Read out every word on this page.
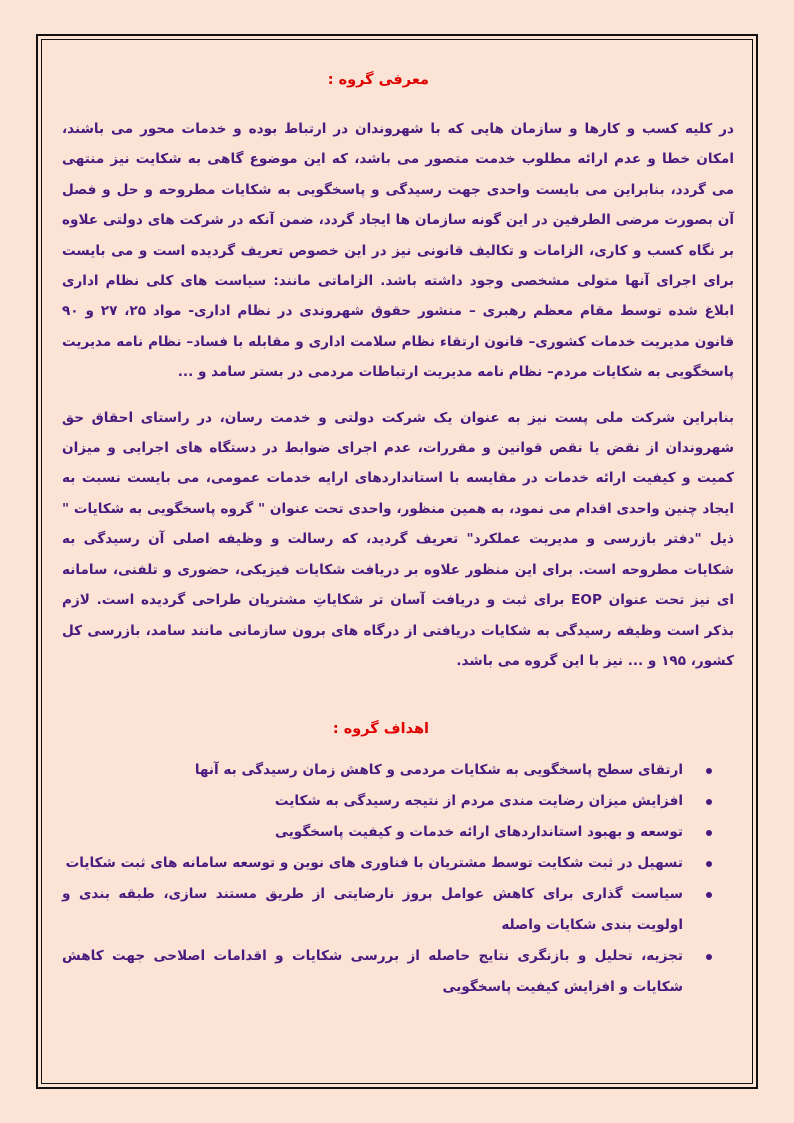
معرفی گروه :

در کلیه کسب و کارها و سازمان هایی که با شهروندان در ارتباط بوده و خدمات محور می باشند، امکان خطا و عدم ارائه مطلوب خدمت متصور می باشد، که این موضوع گاهی به شکایت نیز منتهی می گردد، بنابراین می بایست واحدی جهت رسیدگی و پاسخگویی به شکایات مطروحه و حل و فصل آن بصورت مرضی الطرفین در این گونه سازمان ها ایجاد گردد، ضمن آنکه در شرکت های دولتی علاوه بر نگاه کسب و کاری، الزامات و تکالیف قانونی نیز در این خصوص تعریف گردیده است و می بایست برای اجرای آنها متولی مشخصی وجود داشته باشد. الزاماتی مانند: سیاست های کلی نظام اداری ابلاغ شده توسط مقام معظم رهبری – منشور حقوق شهروندی در نظام اداری- مواد ۲۵، ۲۷ و ۹۰ قانون مدیریت خدمات کشوری– قانون ارتقاء نظام سلامت اداری و مقابله با فساد– نظام نامه مدیریت پاسخگویی به شکایات مردم– نظام نامه مدیریت ارتباطات مردمی در بستر سامد و ...

بنابراین شرکت ملی پست نیز به عنوان یک شرکت دولتی و خدمت رسان، در راستای احقاق حق شهروندان از نقض یا نقص قوانین و مقررات، عدم اجرای ضوابط در دستگاه های اجرایی و میزان کمیت و کیفیت ارائه خدمات در مقایسه با استانداردهای ارایه خدمات عمومی، می بایست نسبت به ایجاد چنین واحدی اقدام می نمود، به همین منظور، واحدی تحت عنوان " گروه پاسخگویی به شکایات " ذیل "دفتر بازرسی و مدیریت عملکرد" تعریف گردید، که رسالت و وظیفه اصلی آن رسیدگی به شکایات مطروحه است. برای این منظور علاوه بر دریافت شکایات فیزیکی، حضوری و تلفنی، سامانه ای نیز تحت عنوان EOP برای ثبت و دریافت آسان تر شکایاتِ مشتریان طراحی گردیده است. لازم بذکر است وظیفه رسیدگی به شکایات دریافتی از درگاه های برون سازمانی مانند سامد، بازرسی کل کشور، ۱۹۵ و ... نیز با این گروه می باشد.

اهداف گروه :
ارتقای سطح پاسخگویی به شکایات مردمی و کاهش زمان رسیدگی به آنها
افزایش میزان رضایت مندی مردم از نتیجه رسیدگی به شکایت
توسعه و بهبود استانداردهای ارائه خدمات و کیفیت پاسخگویی
تسهیل در ثبت شکایت توسط مشتریان با فناوری های نوین و توسعه سامانه های ثبت شکایات
سیاست گذاری برای کاهش عوامل بروز نارضایتی از طریق مستند سازی، طبقه بندی و اولویت بندی شکایات واصله
تجزیه، تحلیل و بازنگری نتایج حاصله از بررسی شکایات و اقدامات اصلاحی جهت کاهش شکایات و افزایش کیفیت پاسخگویی
